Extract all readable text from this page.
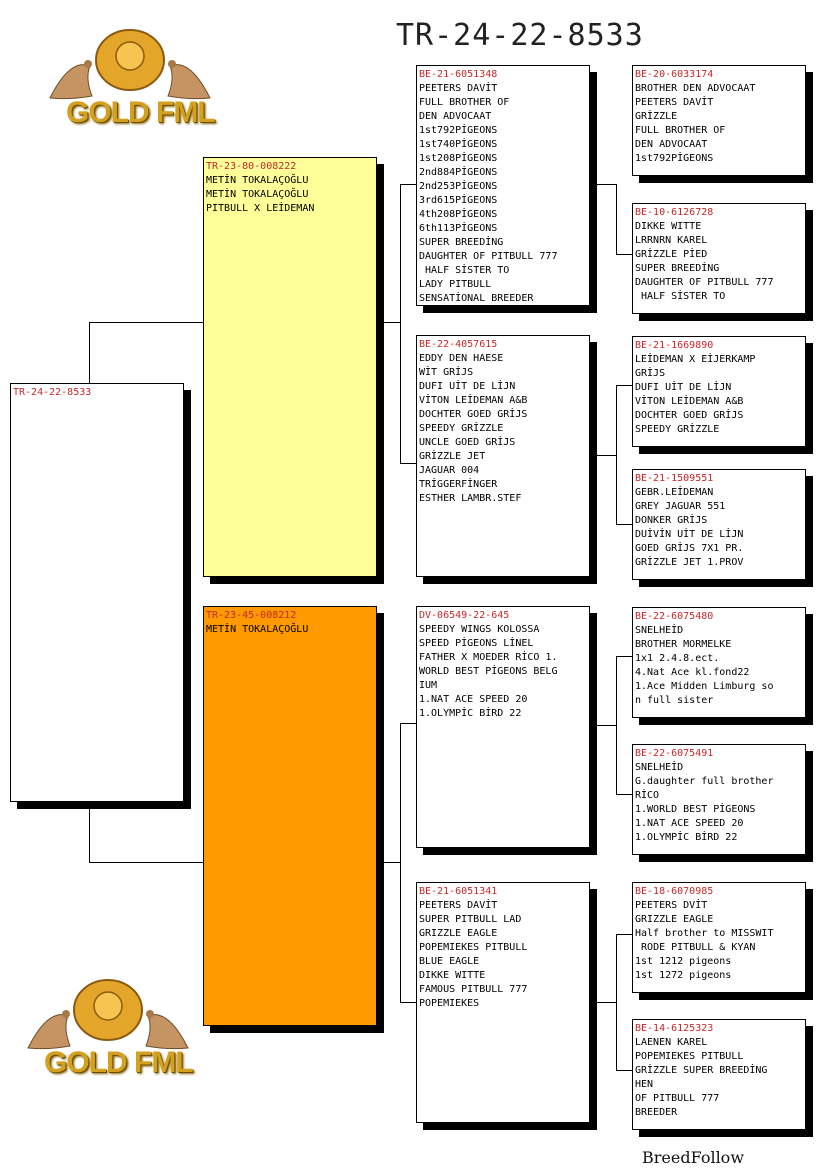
TR-24-22-8533
GOLD FML
GOLD FML
TR-24-22-8533
TR-23-80-008222
METİN TOKALAÇOĞLU
METİN TOKALAÇOĞLU
PITBULL X LEİDEMAN
TR-23-45-008212
METİN TOKALAÇOĞLU
BE-21-6051348
PEETERS DAVİT
FULL BROTHER OF
DEN ADVOCAAT
1st792PİGEONS
1st740PİGEONS
1st208PİGEONS
2nd884PİGEONS
2nd253PİGEONS
3rd615PİGEONS
4th208PİGEONS
6th113PİGEONS
SUPER BREEDİNG
DAUGHTER OF PITBULL 777
HALF SİSTER TO
LADY PITBULL
SENSATİONAL BREEDER
BE-22-4057615
EDDY DEN HAESE
WİT GRİJS
DUFI UİT DE LİJN
VİTON LEİDEMAN A&B
DOCHTER GOED GRİJS
SPEEDY GRİZZLE
UNCLE GOED GRİJS
GRİZZLE JET
JAGUAR 004
TRİGGERFİNGER
ESTHER LAMBR.STEF
DV-06549-22-645
SPEEDY WINGS KOLOSSA
SPEED PİGEONS LİNEL
FATHER X MOEDER RİCO 1.
WORLD BEST PİGEONS BELG
IUM
1.NAT ACE SPEED 20
1.OLYMPİC BİRD 22
BE-21-6051341
PEETERS DAVİT
SUPER PITBULL LAD
GRIZZLE EAGLE
POPEMIEKES PITBULL
BLUE EAGLE
DIKKE WITTE
FAMOUS PITBULL 777
POPEMIEKES
BE-20-6033174
BROTHER DEN ADVOCAAT
PEETERS DAVİT
GRİZZLE
FULL BROTHER OF
DEN ADVOCAAT
1st792PİGEONS
BE-10-6126728
DIKKE WITTE
LRRNRN KAREL
GRİZZLE PİED
SUPER BREEDİNG
DAUGHTER OF PITBULL 777
HALF SİSTER TO
BE-21-1669890
LEİDEMAN X EİJERKAMP
GRİJS
DUFI UİT DE LİJN
VİTON LEİDEMAN A&B
DOCHTER GOED GRİJS
SPEEDY GRİZZLE
BE-21-1509551
GEBR.LEİDEMAN
GREY JAGUAR 551
DONKER GRİJS
DUİVİN UİT DE LİJN
GOED GRİJS 7X1 PR.
GRİZZLE JET 1.PROV
BE-22-6075480
SNELHEİD
BROTHER MORMELKE
1x1 2.4.8.ect.
4.Nat Ace kl.fond22
1.Ace Midden Limburg so
n full sister
BE-22-6075491
SNELHEİD
G.daughter full brother
RİCO
1.WORLD BEST PİGEONS
1.NAT ACE SPEED 20
1.OLYMPİC BİRD 22
BE-18-6070985
PEETERS DVİT
GRIZZLE EAGLE
Half brother to MISSWIT
RODE PITBULL & KYAN
1st 1212 pigeons
1st 1272 pigeons
BE-14-6125323
LAENEN KAREL
POPEMIEKES PITBULL
GRİZZLE SUPER BREEDİNG
HEN
OF PITBULL 777
BREEDER
BreedFollow
